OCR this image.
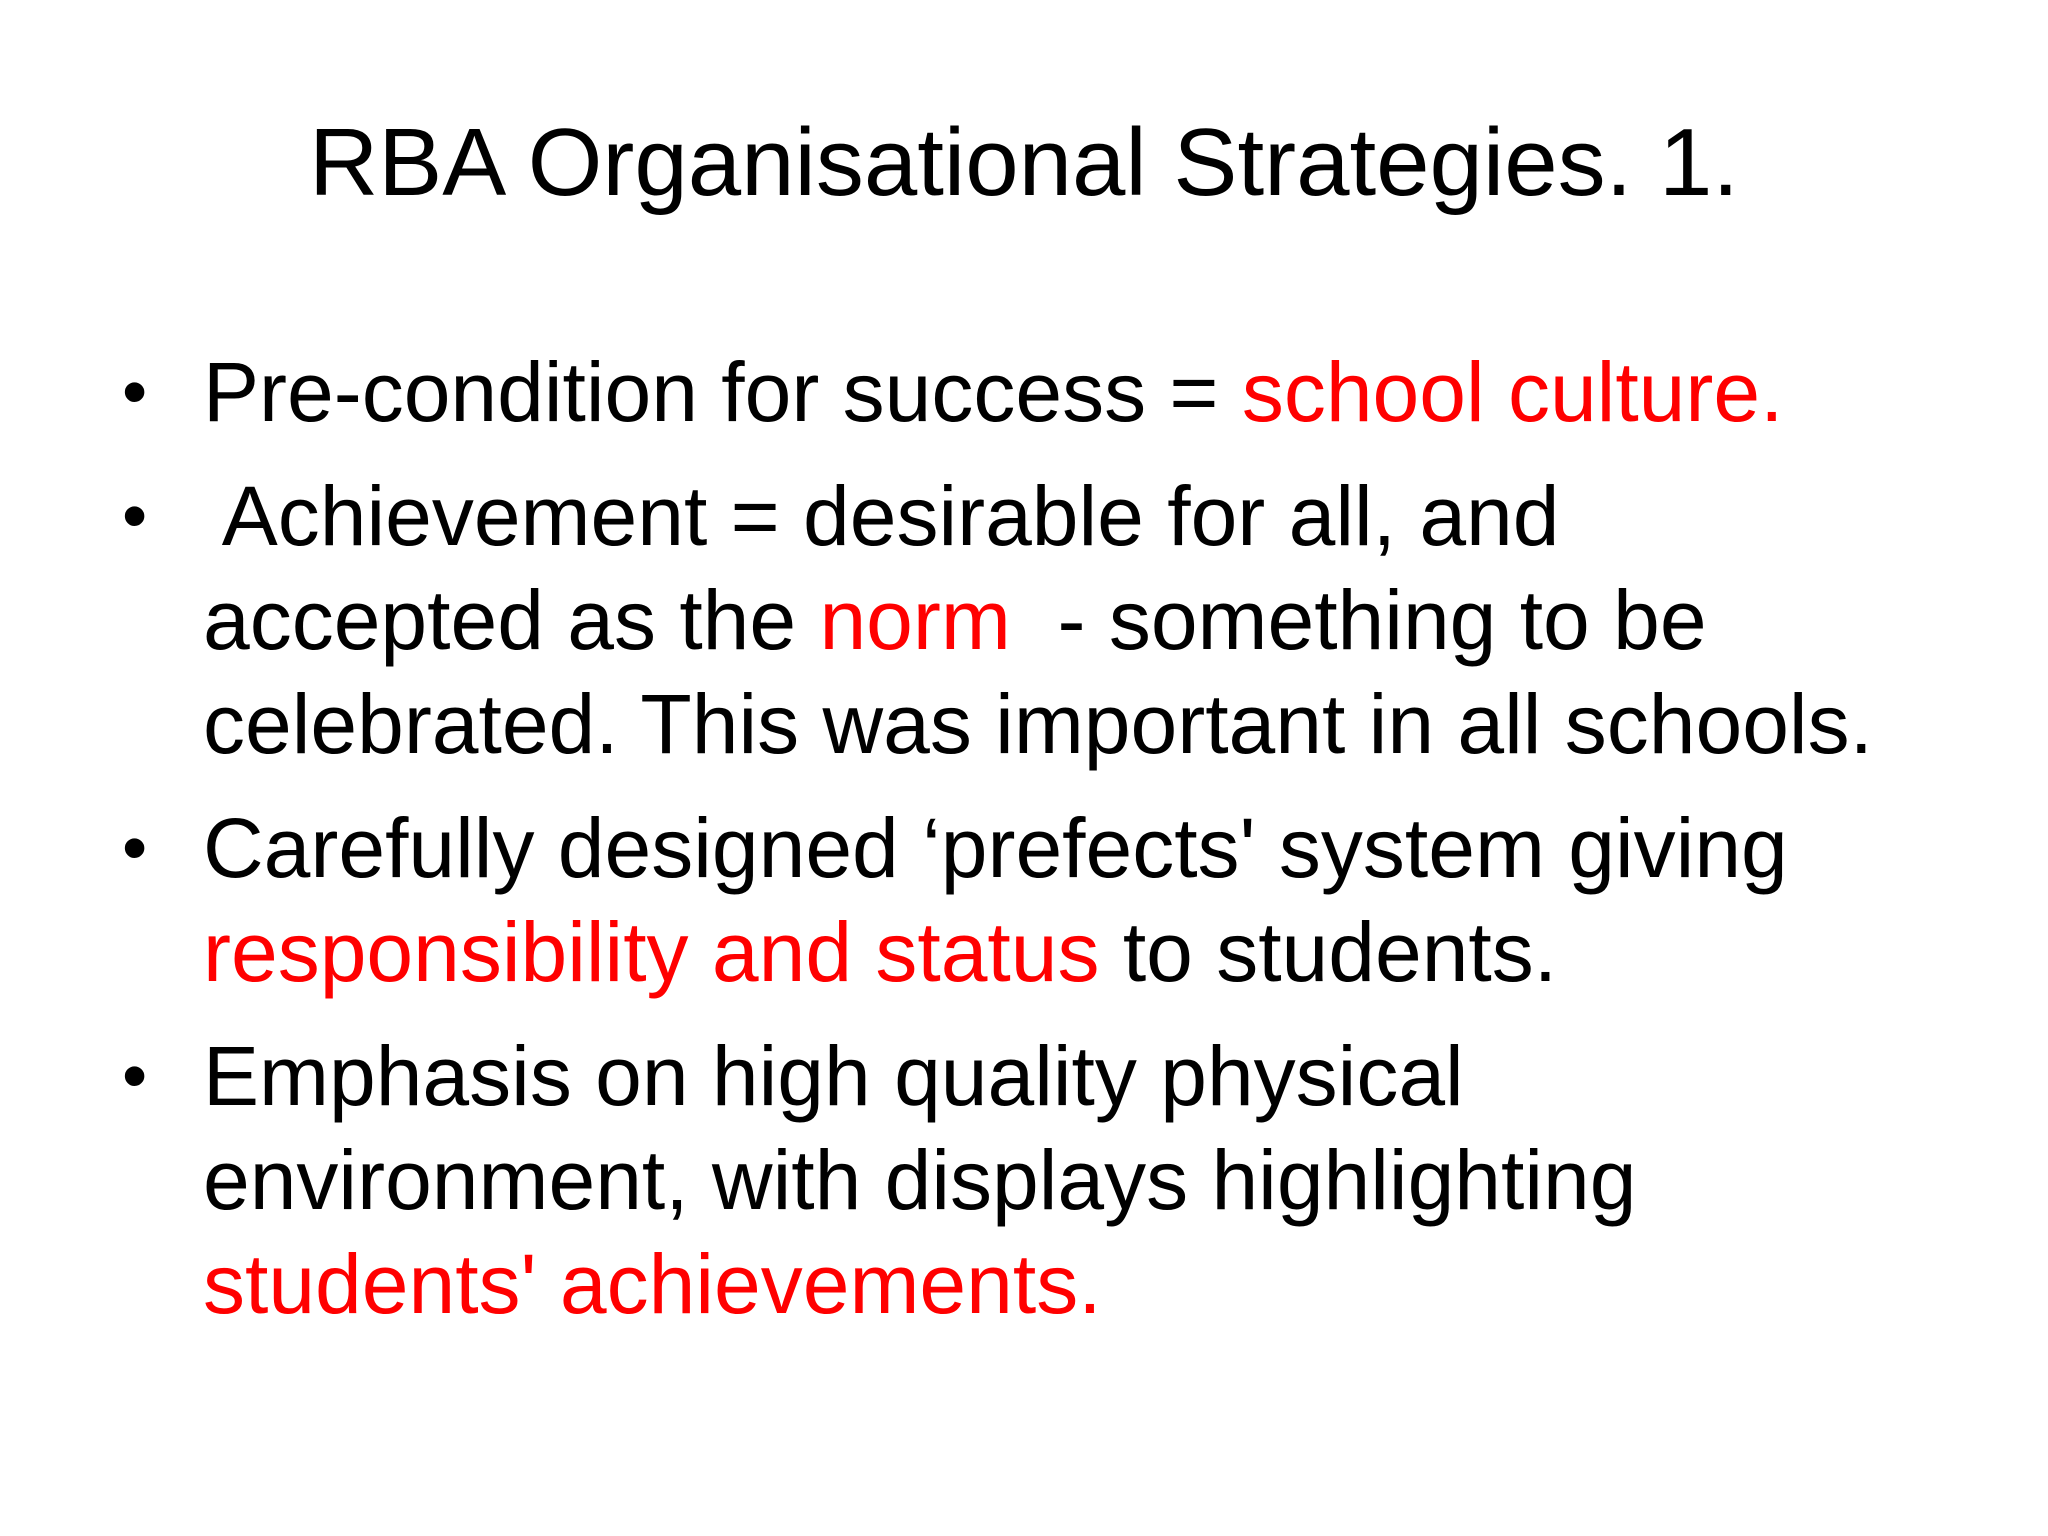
RBA Organisational Strategies. 1.
• Pre-condition for success = school culture.
• Achievement = desirable for all, and
accepted as the norm  - something to be
celebrated. This was important in all schools.
• Carefully designed ‘prefects' system giving
responsibility and status to students.
• Emphasis on high quality physical
environment, with displays highlighting
students' achievements.
